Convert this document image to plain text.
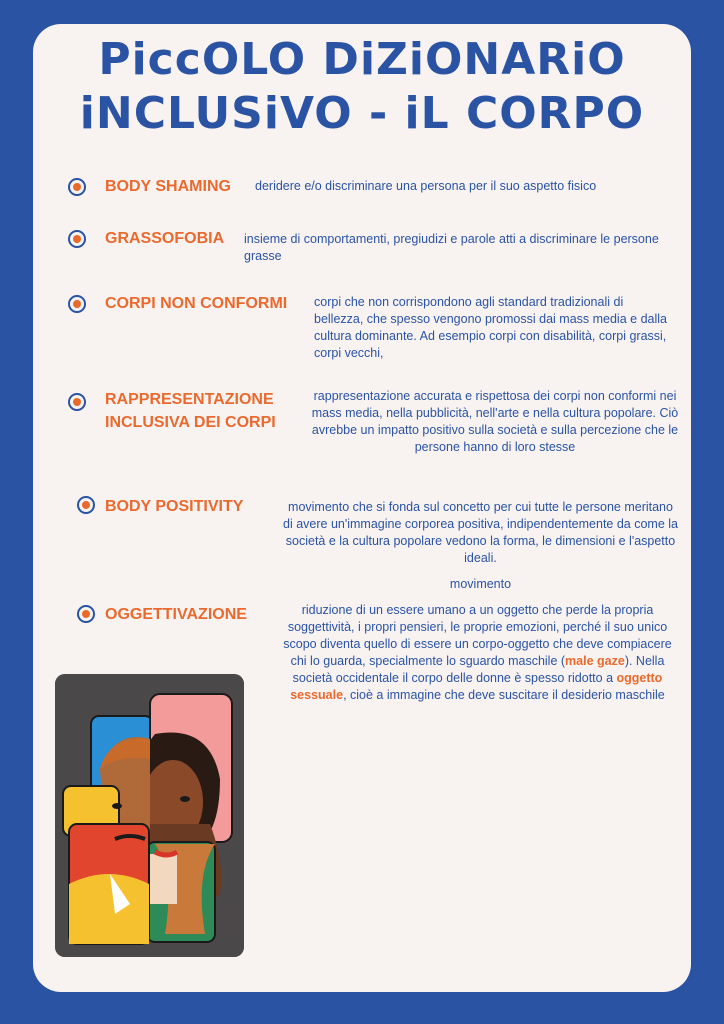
PiccOLO DiZiONARiO
iNCLUSiVO - iL CORPO
BODY SHAMING deridere e/o discriminare una persona per il suo aspetto fisico
GRASSOFOBIA insieme di comportamenti, pregiudizi e parole atti a discriminare le persone grasse
CORPI NON CONFORMI corpi che non corrispondono agli standard tradizionali di bellezza, che spesso vengono promossi dai mass media e dalla cultura dominante. Ad esempio corpi con disabilità, corpi grassi, corpi vecchi,
RAPPRESENTAZIONE
INCLUSIVA DEI CORPI
rappresentazione accurata e rispettosa dei corpi non conformi nei mass media, nella pubblicità, nell'arte e nella cultura popolare. Ciò avrebbe un impatto positivo sulla società e sulla percezione che le persone hanno di loro stesse
BODY POSITIVITY	movimento che si fonda sul concetto per cui tutte le persone meritano di avere un'immagine corporea positiva, indipendentemente da come la società e la cultura popolare vedono la forma, le dimensioni e l'aspetto ideali.
movimento
OGGETTIVAZIONE	riduzione di un essere umano a un oggetto che perde la propria soggettività, i propri pensieri, le proprie emozioni, perché il suo unico scopo diventa quello di essere un corpo-oggetto che deve compiacere chi lo guarda, specialmente lo sguardo maschile (male gaze). Nella società occidentale il corpo delle donne è spesso ridotto a oggetto sessuale, cioè a immagine che deve suscitare il desiderio maschile
